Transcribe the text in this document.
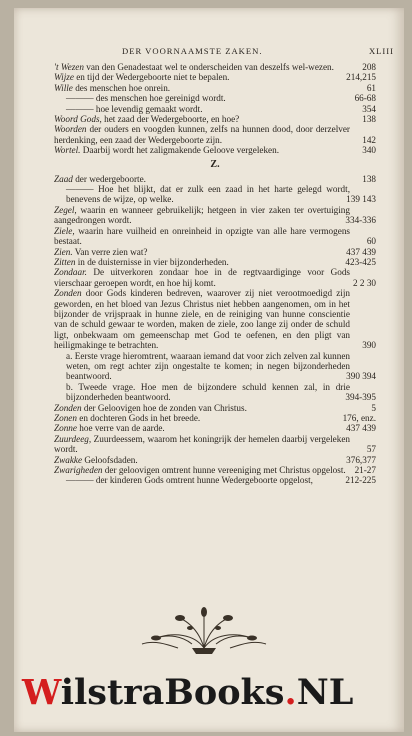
DER VOORNAAMSTE ZAKEN.	XLIII
't Wezen van den Genadestaat wel te onderscheiden van deszelfs wel-wezen.	208
Wijze en tijd der Wedergeboorte niet te bepalen.	214,215
Wille des menschen hoe onrein.	61
——— des menschen hoe gereinigd wordt.	66-68
——— hoe levendig gemaakt wordt.	354
Woord Gods, het zaad der Wedergeboorte, en hoe?	138
Woorden der ouders en voogden kunnen, zelfs na hunnen dood, door derzelver herdenking, een zaad der Wedergeboorte zijn.	142
Wortel. Daarbij wordt het zaligmakende Geloove vergeleken.	340
Z.
Zaad der wedergeboorte.	138
——— Hoe het blijkt, dat er zulk een zaad in het harte gelegd wordt, benevens de wijze, op welke.	139 143
Zegel, waarin en wanneer gebruikelijk; hetgeen in vier zaken ter overtuiging aangedrongen wordt.	334-336
Ziele, waarin hare vuilheid en onreinheid in opzigte van alle hare vermogens bestaat.	60
Zien. Van verre zien wat?	437 439
Zitten in de duisternisse in vier bijzonderheden.	423-425
Zondaar. De uitverkoren zondaar hoe in de regtvaardiginge voor Gods vierschaar geroepen wordt, en hoe hij komt.	2 2 30
Zonden door Gods kinderen bedreven, waarover zij niet verootmoedigd zijn geworden, en het bloed van Jezus Christus niet hebben aangenomen, om in het bijzonder de vrijspraak in hunne ziele, en de reiniging van hunne conscientie van de schuld gewaar te worden, maken de ziele, zoo lange zij onder de schuld ligt, onbekwaam om gemeenschap met God te oefenen, en den pligt van heiligmakinge te betrachten.	390
a. Eerste vrage hieromtrent, waaraan iemand dat voor zich zelven zal kunnen weten, om regt achter zijn ongestalte te komen; in negen bijzonderheden beantwoord.	390 394
b. Tweede vrage. Hoe men de bijzondere schuld kennen zal, in drie bijzonderheden beantwoord.	394-395
Zonden der Geloovigen hoe de zonden van Christus.	5
Zonen en dochteren Gods in het breede.	176, enz.
Zonne hoe verre van de aarde.	437 439
Zuurdeeg, Zuurdeessem, waarom het koningrijk der hemelen daarbij vergeleken wordt.	57
Zwakke Geloofsdaden.	376,377
Zwarigheden der geloovigen omtrent hunne vereeniging met Christus opgelost. 21-27
——— der kinderen Gods omtrent hunne Wedergeboorte opgelost,	212-225
WilstraBooks.NL
